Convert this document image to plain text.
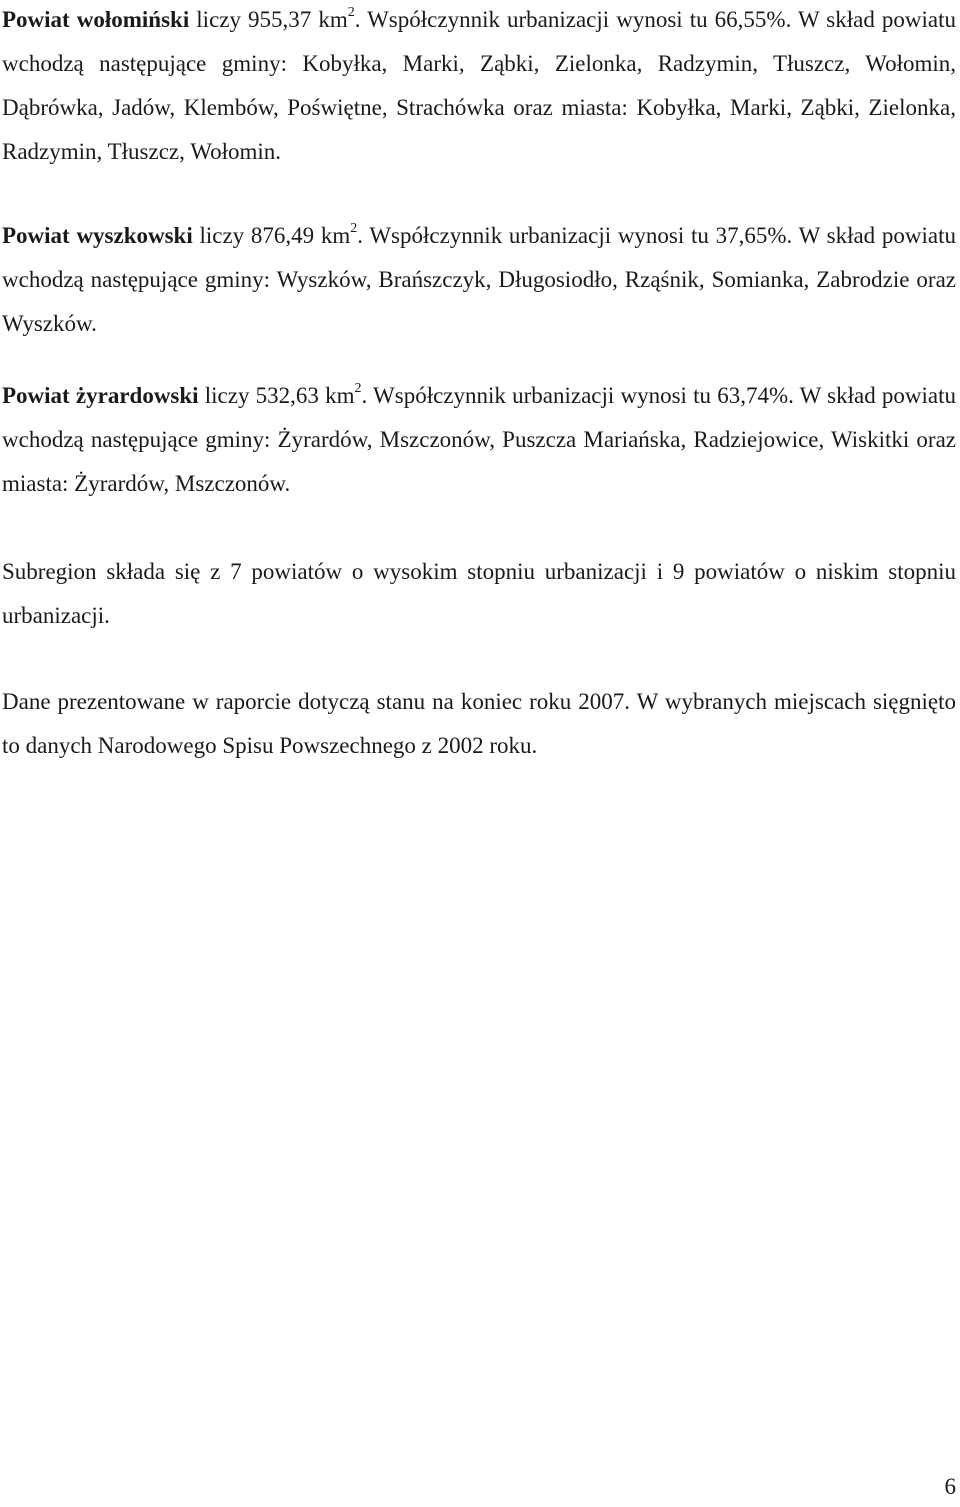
Powiat wołomiński liczy 955,37 $km^2$. Współczynnik urbanizacji wynosi tu 66,55%. W skład powiatu wchodzą następujące gminy: Kobyłka, Marki, Ząbki, Zielonka, Radzymin, Tłuszcz, Wołomin, Dąbrówka, Jadów, Klembów, Poświętne, Strachówka oraz miasta: Kobyłka, Marki, Ząbki, Zielonka, Radzymin, Tłuszcz, Wołomin.

Powiat wyszkowski liczy 876,49 $km^2$. Współczynnik urbanizacji wynosi tu 37,65%. W skład powiatu wchodzą następujące gminy: Wyszków, Brańszczyk, Długosiodło, Rząśnik, Somianka, Zabrodzie oraz Wyszków.

Powiat żyrardowski liczy 532,63 $km^2$. Współczynnik urbanizacji wynosi tu 63,74%. W skład powiatu wchodzą następujące gminy: Żyrardów, Mszczonów, Puszcza Mariańska, Radziejowice, Wiskitki oraz miasta: Żyrardów, Mszczonów.

Subregion składa się z 7 powiatów o wysokim stopniu urbanizacji i 9 powiatów o niskim stopniu urbanizacji.

Dane prezentowane w raporcie dotyczą stanu na koniec roku 2007. W wybranych miejscach sięgnięto to danych Narodowego Spisu Powszechnego z 2002 roku.

6
